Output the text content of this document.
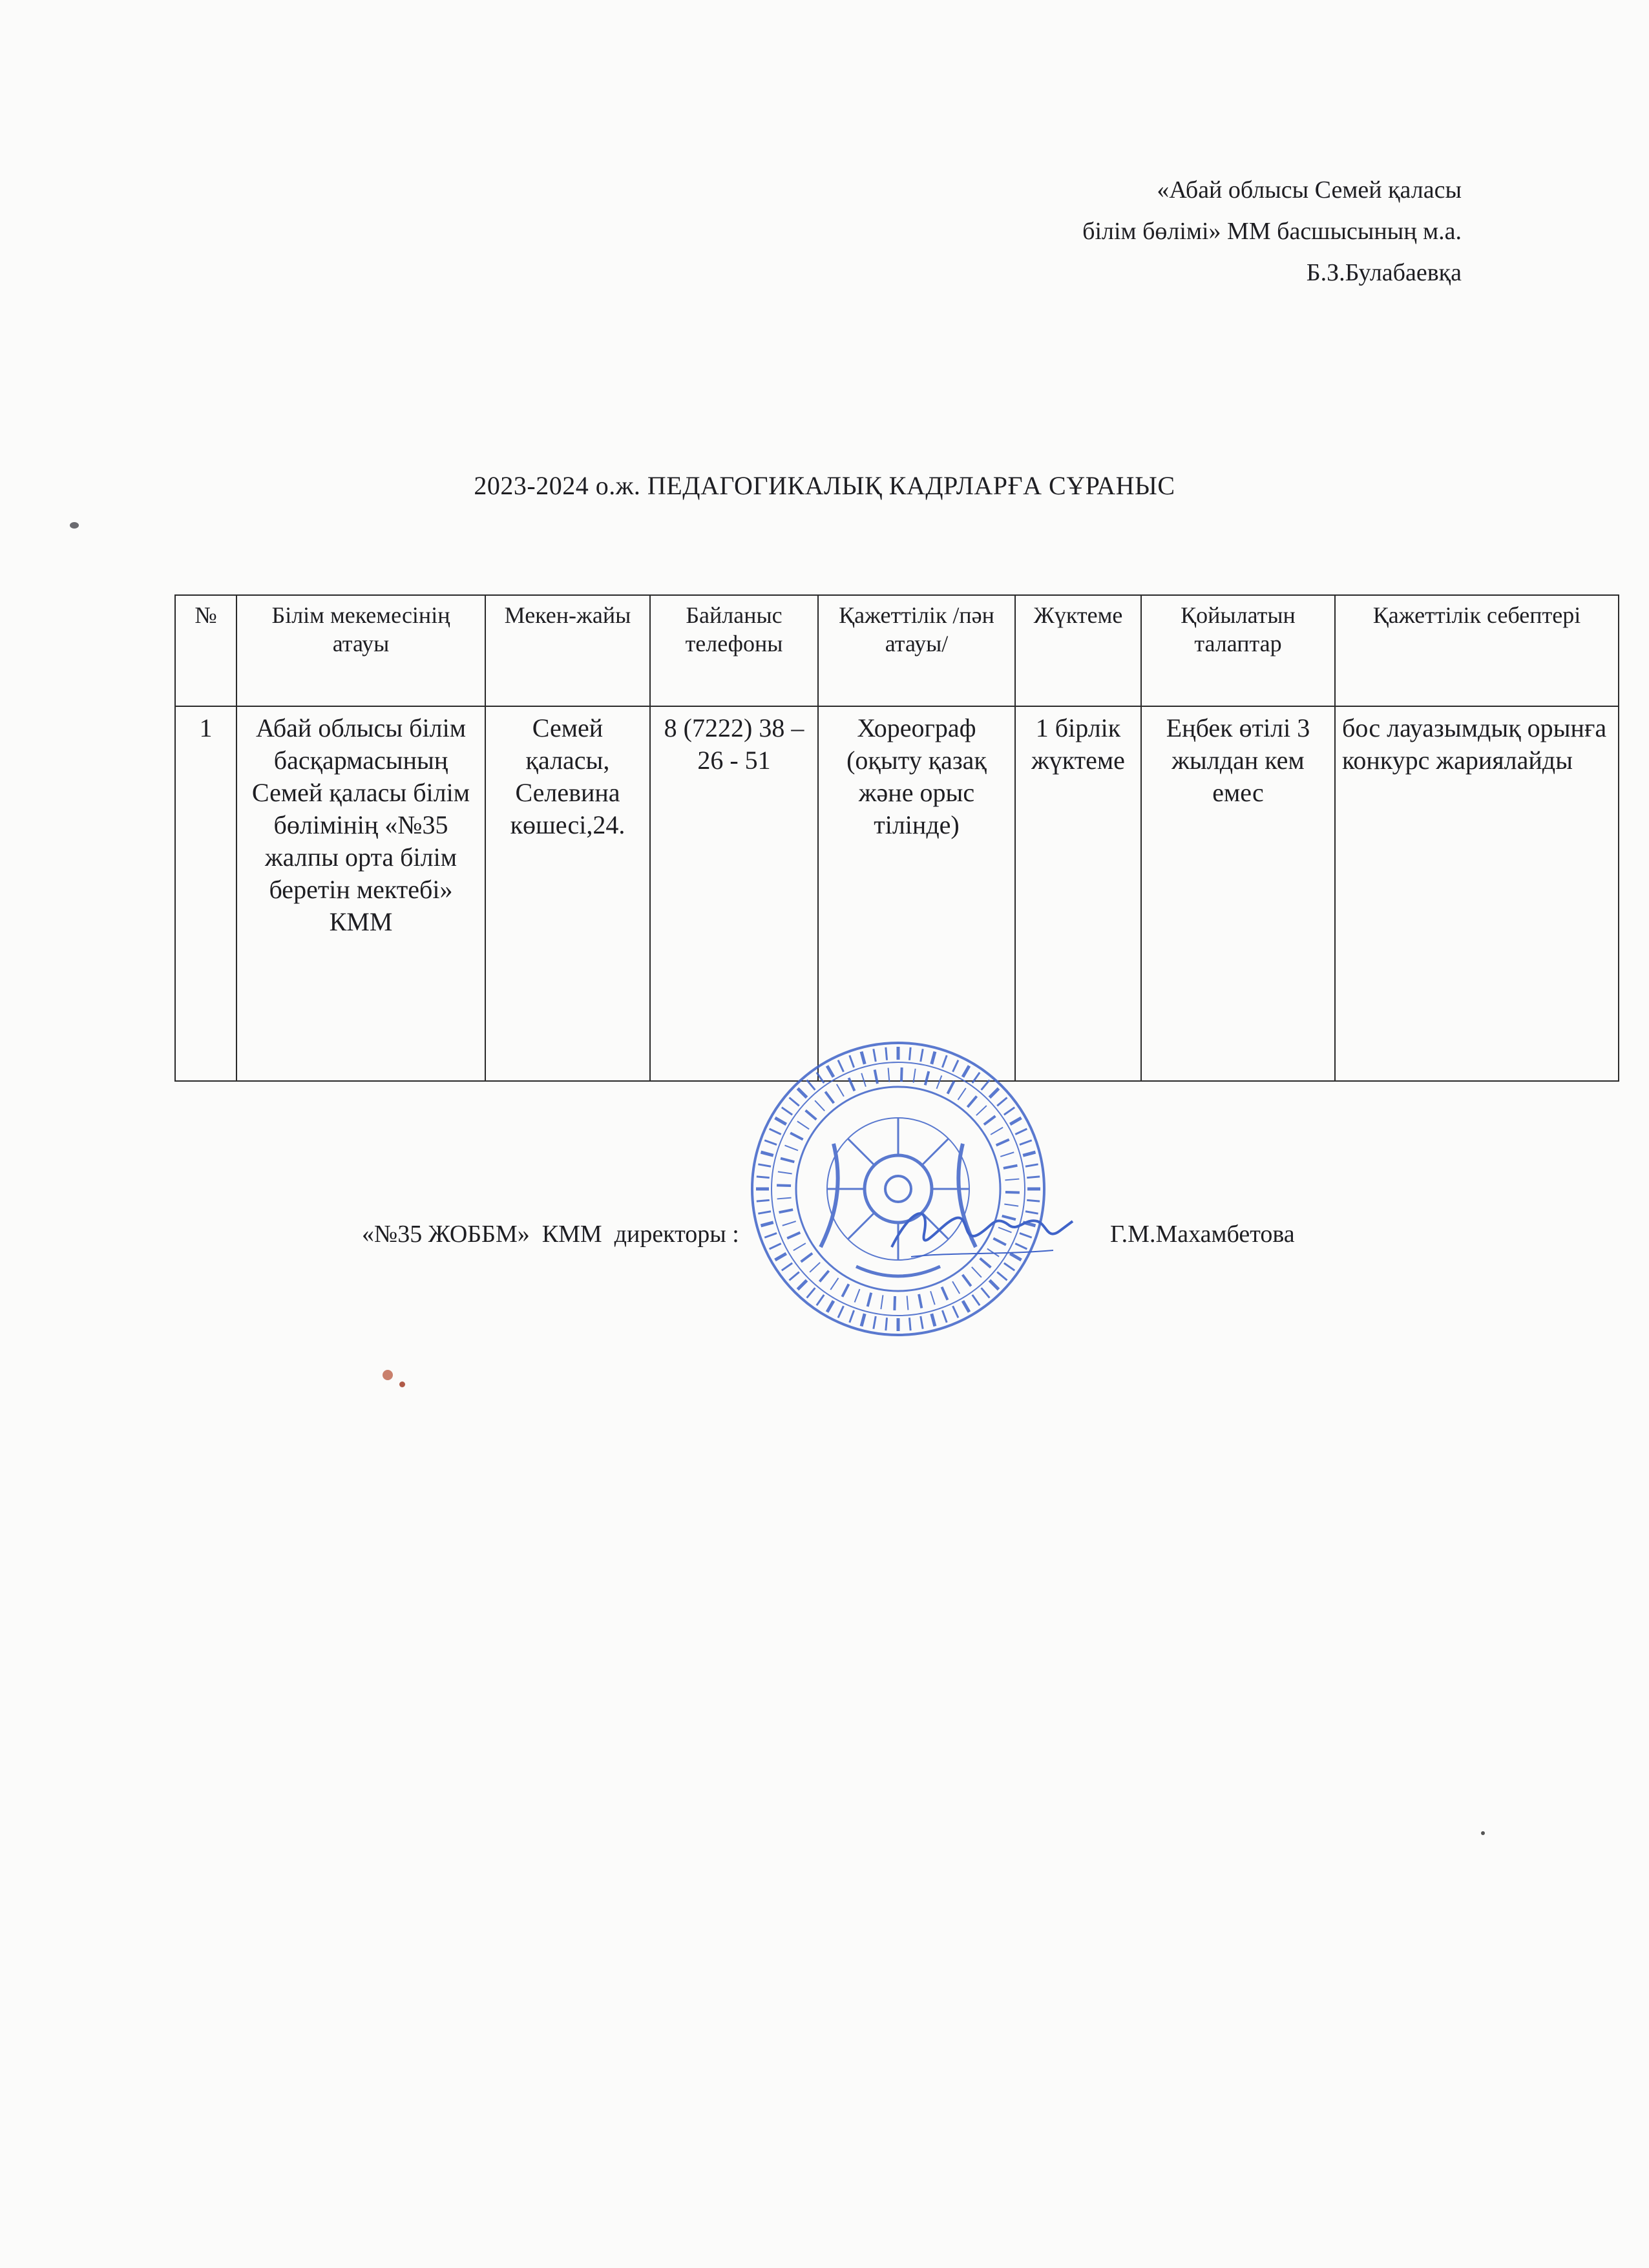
«Абай облысы Семей қаласы
білім бөлімі» ММ басшысының м.а.
Б.З.Булабаевқа
2023-2024 о.ж. ПЕДАГОГИКАЛЫҚ КАДРЛАРҒА СҰРАНЫС
№	Білім мекемесінің атауы	Мекен-жайы	Байланыс телефоны	Қажеттілік /пән атауы/	Жүктеме	Қойылатын талаптар	Қажеттілік себептері
1	Абай облысы білім басқармасының Семей қаласы білім бөлімінің «№35 жалпы орта білім беретін мектебі» КММ	Семей қаласы, Селевина көшесі,24.	8 (7222) 38 – 26 - 51	Хореограф (оқыту қазақ және орыс тілінде)	1 бірлік жүктеме	Еңбек өтілі 3 жылдан кем емес	бос лауазымдық орынға конкурс жариялайды
«№35 ЖОББМ»  КММ  директоры :	Г.М.Махамбетова
